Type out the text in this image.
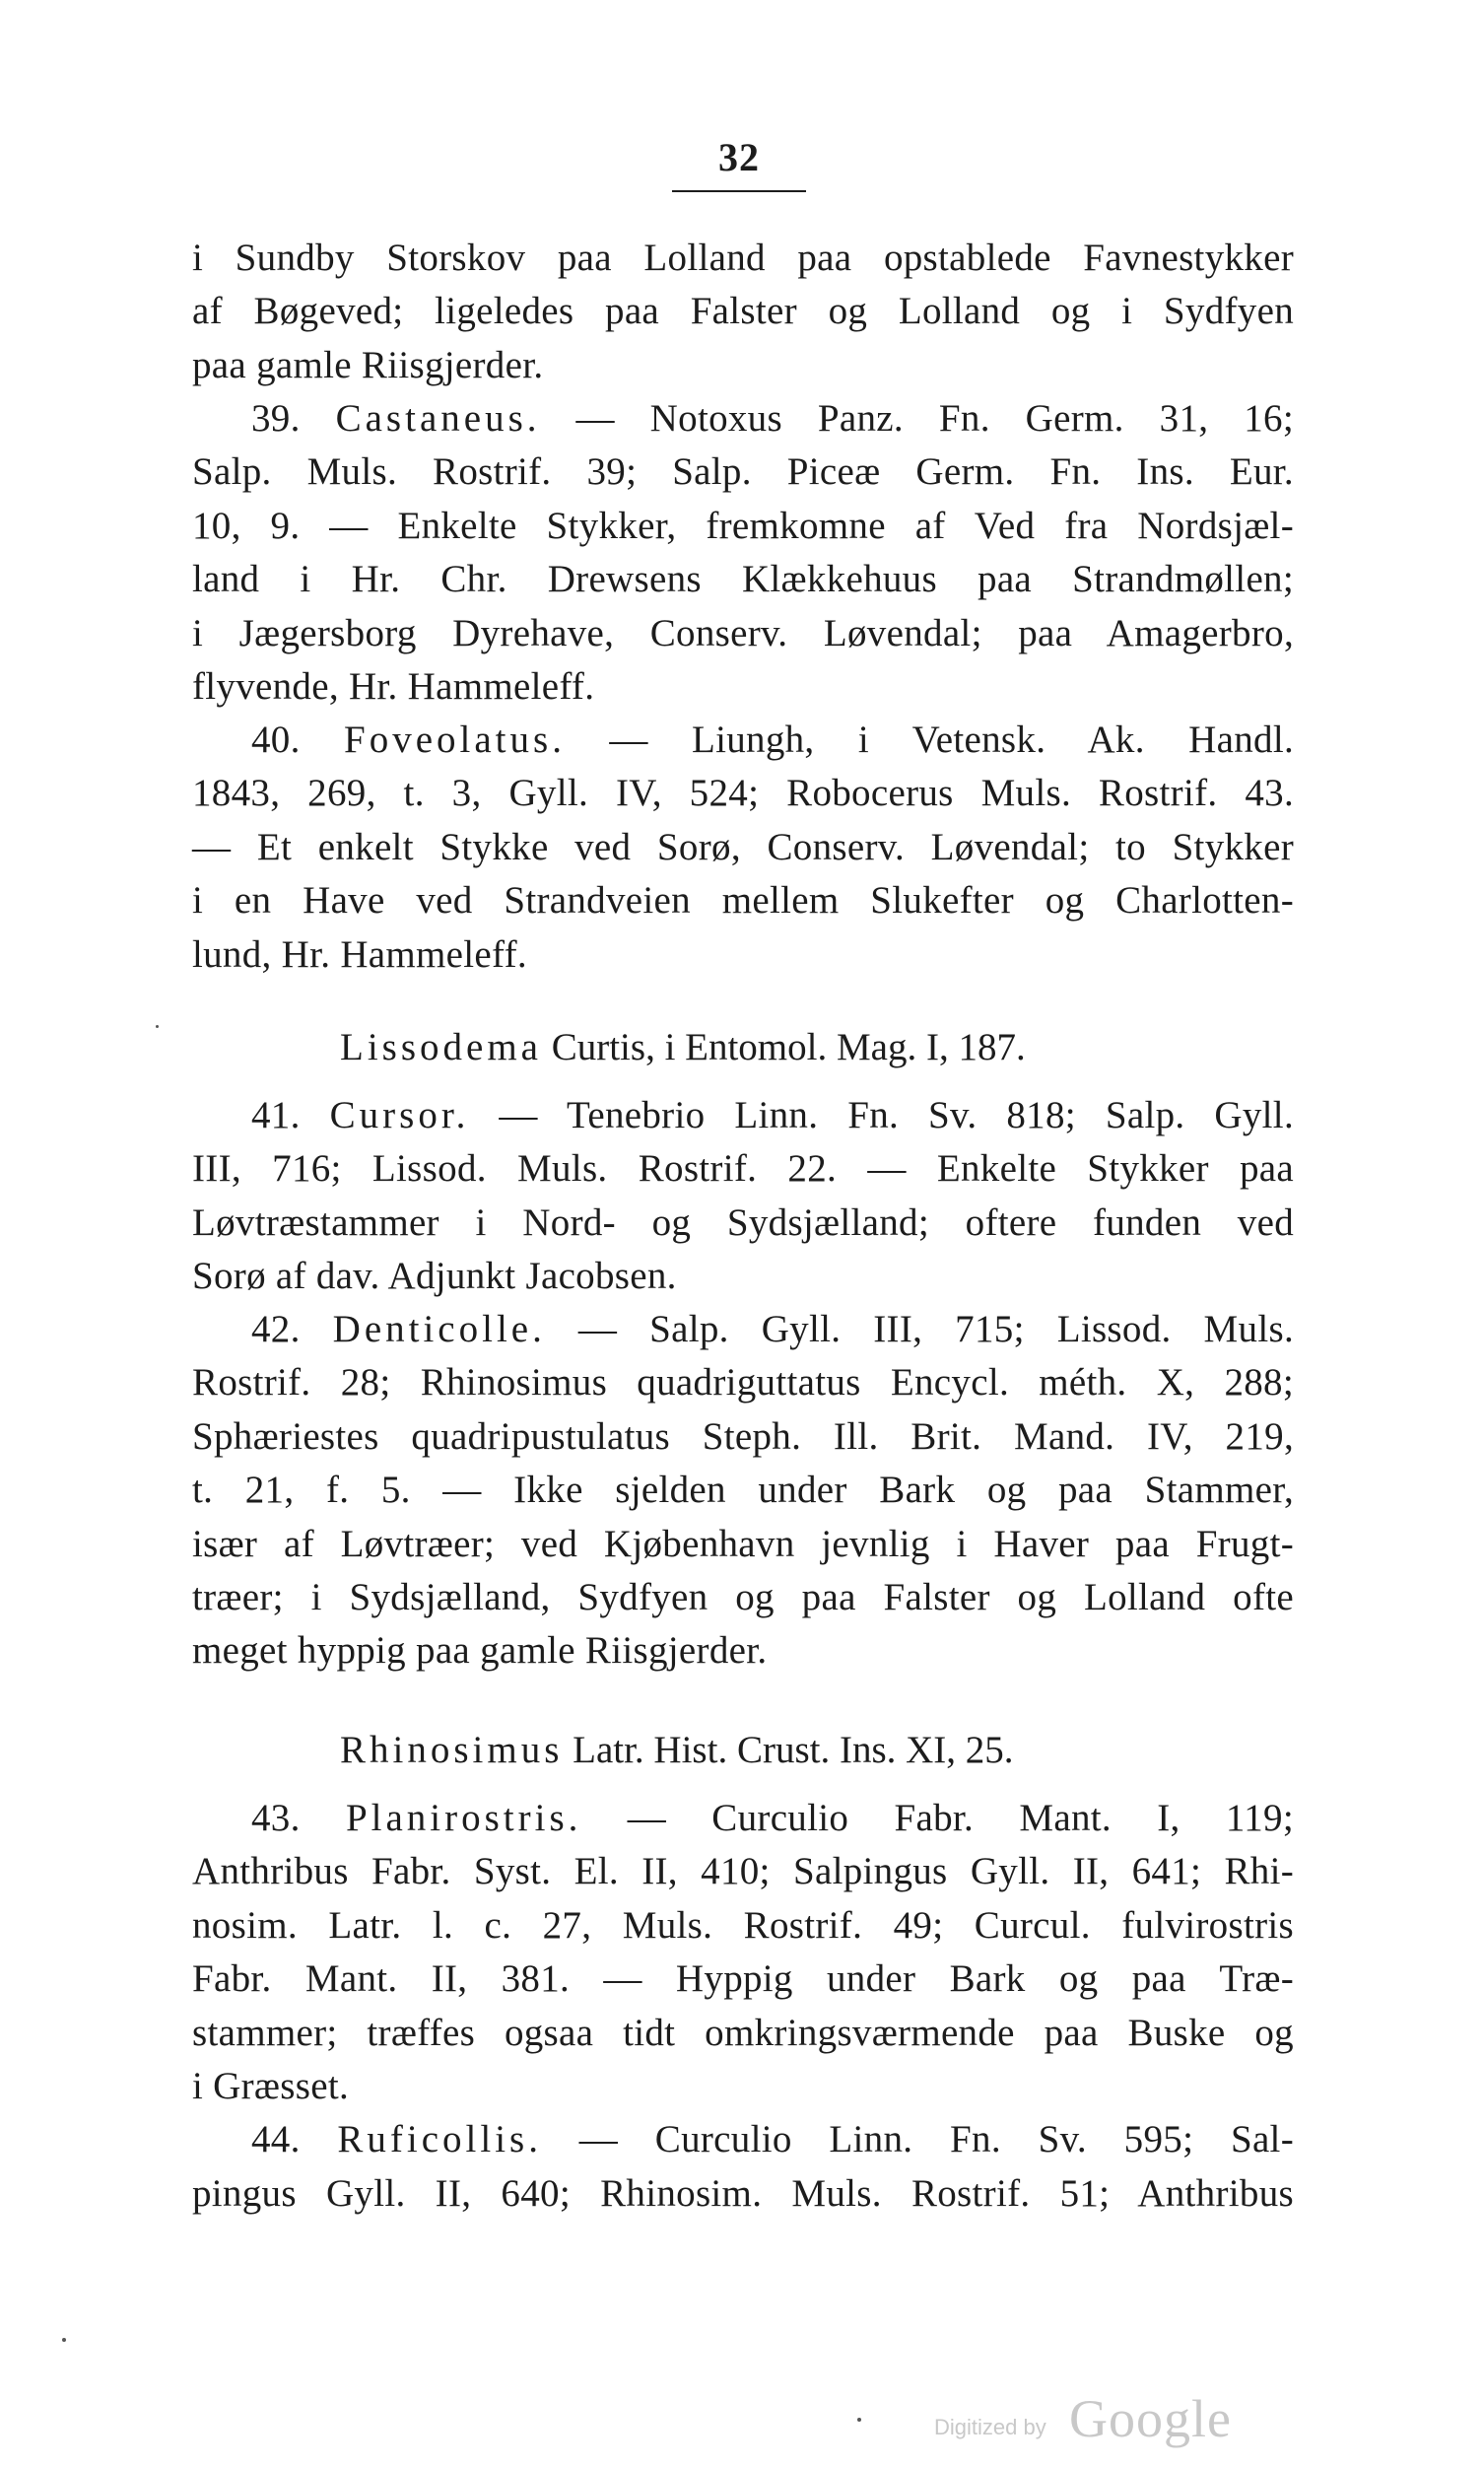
32
i Sundby Storskov paa Lolland paa opstablede Favnestykker
af Bøgeved; ligeledes paa Falster og Lolland og i Sydfyen
paa gamle Riisgjerder.
39. Castaneus. — Notoxus Panz. Fn. Germ. 31, 16;
Salp. Muls. Rostrif. 39; Salp. Piceæ Germ. Fn. Ins. Eur.
10, 9. — Enkelte Stykker, fremkomne af Ved fra Nordsjæl-
land i Hr. Chr. Drewsens Klækkehuus paa Strandmøllen;
i Jægersborg Dyrehave, Conserv. Løvendal; paa Amagerbro,
flyvende, Hr. Hammeleff.
40. Foveolatus. — Liungh, i Vetensk. Ak. Handl.
1843, 269, t. 3, Gyll. IV, 524; Robocerus Muls. Rostrif. 43.
— Et enkelt Stykke ved Sorø, Conserv. Løvendal; to Stykker
i en Have ved Strandveien mellem Slukefter og Charlotten-
lund, Hr. Hammeleff.
Lissodema Curtis, i Entomol. Mag. I, 187.
41. Cursor. — Tenebrio Linn. Fn. Sv. 818; Salp. Gyll.
III, 716; Lissod. Muls. Rostrif. 22. — Enkelte Stykker paa
Løvtræstammer i Nord- og Sydsjælland; oftere funden ved
Sorø af dav. Adjunkt Jacobsen.
42. Denticolle. — Salp. Gyll. III, 715; Lissod. Muls.
Rostrif. 28; Rhinosimus quadriguttatus Encycl. méth. X, 288;
Sphæriestes quadripustulatus Steph. Ill. Brit. Mand. IV, 219,
t. 21, f. 5. — Ikke sjelden under Bark og paa Stammer,
især af Løvtræer; ved Kjøbenhavn jevnlig i Haver paa Frugt-
træer; i Sydsjælland, Sydfyen og paa Falster og Lolland ofte
meget hyppig paa gamle Riisgjerder.
Rhinosimus Latr. Hist. Crust. Ins. XI, 25.
43. Planirostris. — Curculio Fabr. Mant. I, 119;
Anthribus Fabr. Syst. El. II, 410; Salpingus Gyll. II, 641; Rhi-
nosim. Latr. l. c. 27, Muls. Rostrif. 49; Curcul. fulvirostris
Fabr. Mant. II, 381. — Hyppig under Bark og paa Træ-
stammer; træffes ogsaa tidt omkringsværmende paa Buske og
i Græsset.
44. Ruficollis. — Curculio Linn. Fn. Sv. 595; Sal-
pingus Gyll. II, 640; Rhinosim. Muls. Rostrif. 51; Anthribus
Digitized by Google
